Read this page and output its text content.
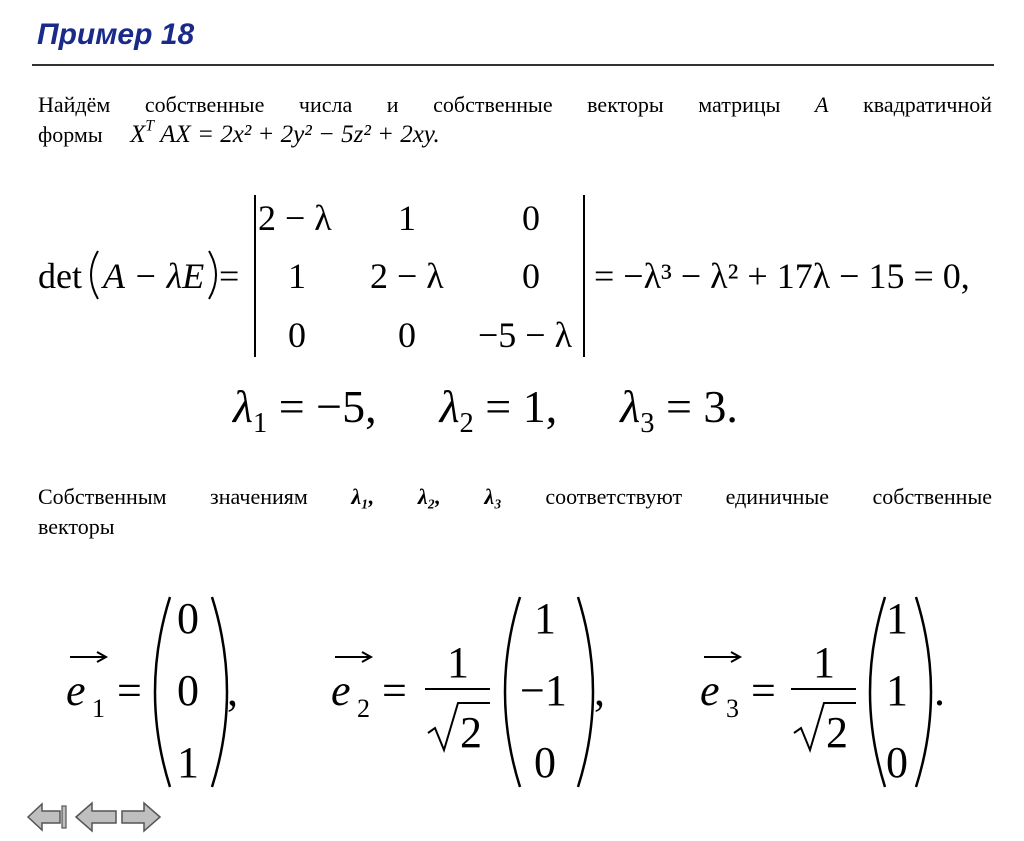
Пример 18
Найдём собственные числа и собственные векторы матрицы A квадратичной
формы $X^T$ AX = 2x² + 2y² − 5z² + 2xy.
det A − λE =
2 − λ 1	0
1 2 − λ 0
0	0 −5 − λ
= −λ³ − λ² + 17λ − 15 = 0,
$\lambda_1 = -5$, $\lambda_2 = 1$, $\lambda_3 = 3$.
Собственным значениям λ₁, λ₂, λ₃ соответствуют единичные собственные
векторы
e 1 =
0
0
1
, e 2 =
1
2
1
−1
0
, e 3 =
1
2
1
1
0
.
